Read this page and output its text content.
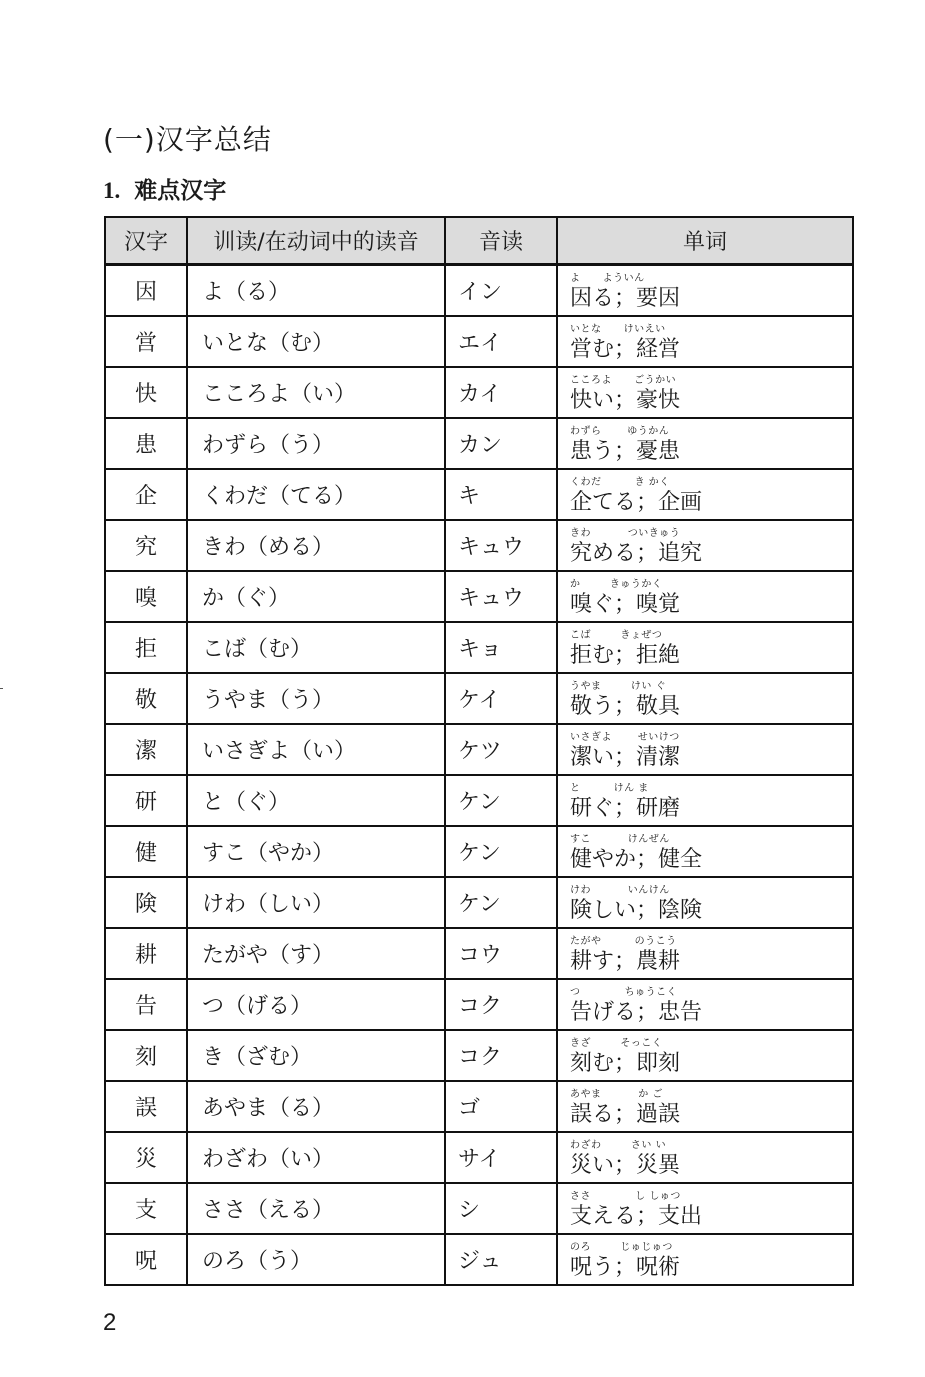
(一)汉字总结
1. 难点汉字
汉字	训读/在动词中的读音	音读	单词
因	よ（る）	イン	よ      よういん
因る；要因

営	いとな（む）	エイ	いとな      けいえい
営む；経営

快	こころよ（い）	カイ	こころよ      ごうかい
快い；豪快

患	わずら（う）	カン	わずら       ゆうかん
患う；憂患

企	くわだ（てる）	キ	くわだ         き かく
企てる；企画

究	きわ（める）	キュウ	きわ          ついきゅう
究める；追究

嗅	か（ぐ）	キュウ	か        きゅうかく
嗅ぐ；嗅覚

拒	こば（む）	キョ	こば        きょぜつ
拒む；拒絶

敬	うやま（う）	ケイ	うやま        けい ぐ
敬う；敬具

潔	いさぎよ（い）	ケツ	いさぎよ       せいけつ
潔い；清潔

研	と（ぐ）	ケン	と         けん ま
研ぐ；研磨

健	すこ（やか）	ケン	すこ          けんぜん
健やか；健全

険	けわ（しい）	ケン	けわ          いんけん
険しい；陰険

耕	たがや（す）	コウ	たがや         のうこう
耕す；農耕

告	つ（げる）	コク	つ            ちゅうこく
告げる；忠告

刻	き（ざむ）	コク	きざ        そっこく
刻む；即刻

誤	あやま（る）	ゴ	あやま          か ご
誤る；過誤

災	わざわ（い）	サイ	わざわ        さい い
災い；災異

支	ささ（える）	シ	ささ            し しゅつ
支える；支出

呪	のろ（う）	ジュ	のろ        じゅじゅつ
呪う；呪術
2
